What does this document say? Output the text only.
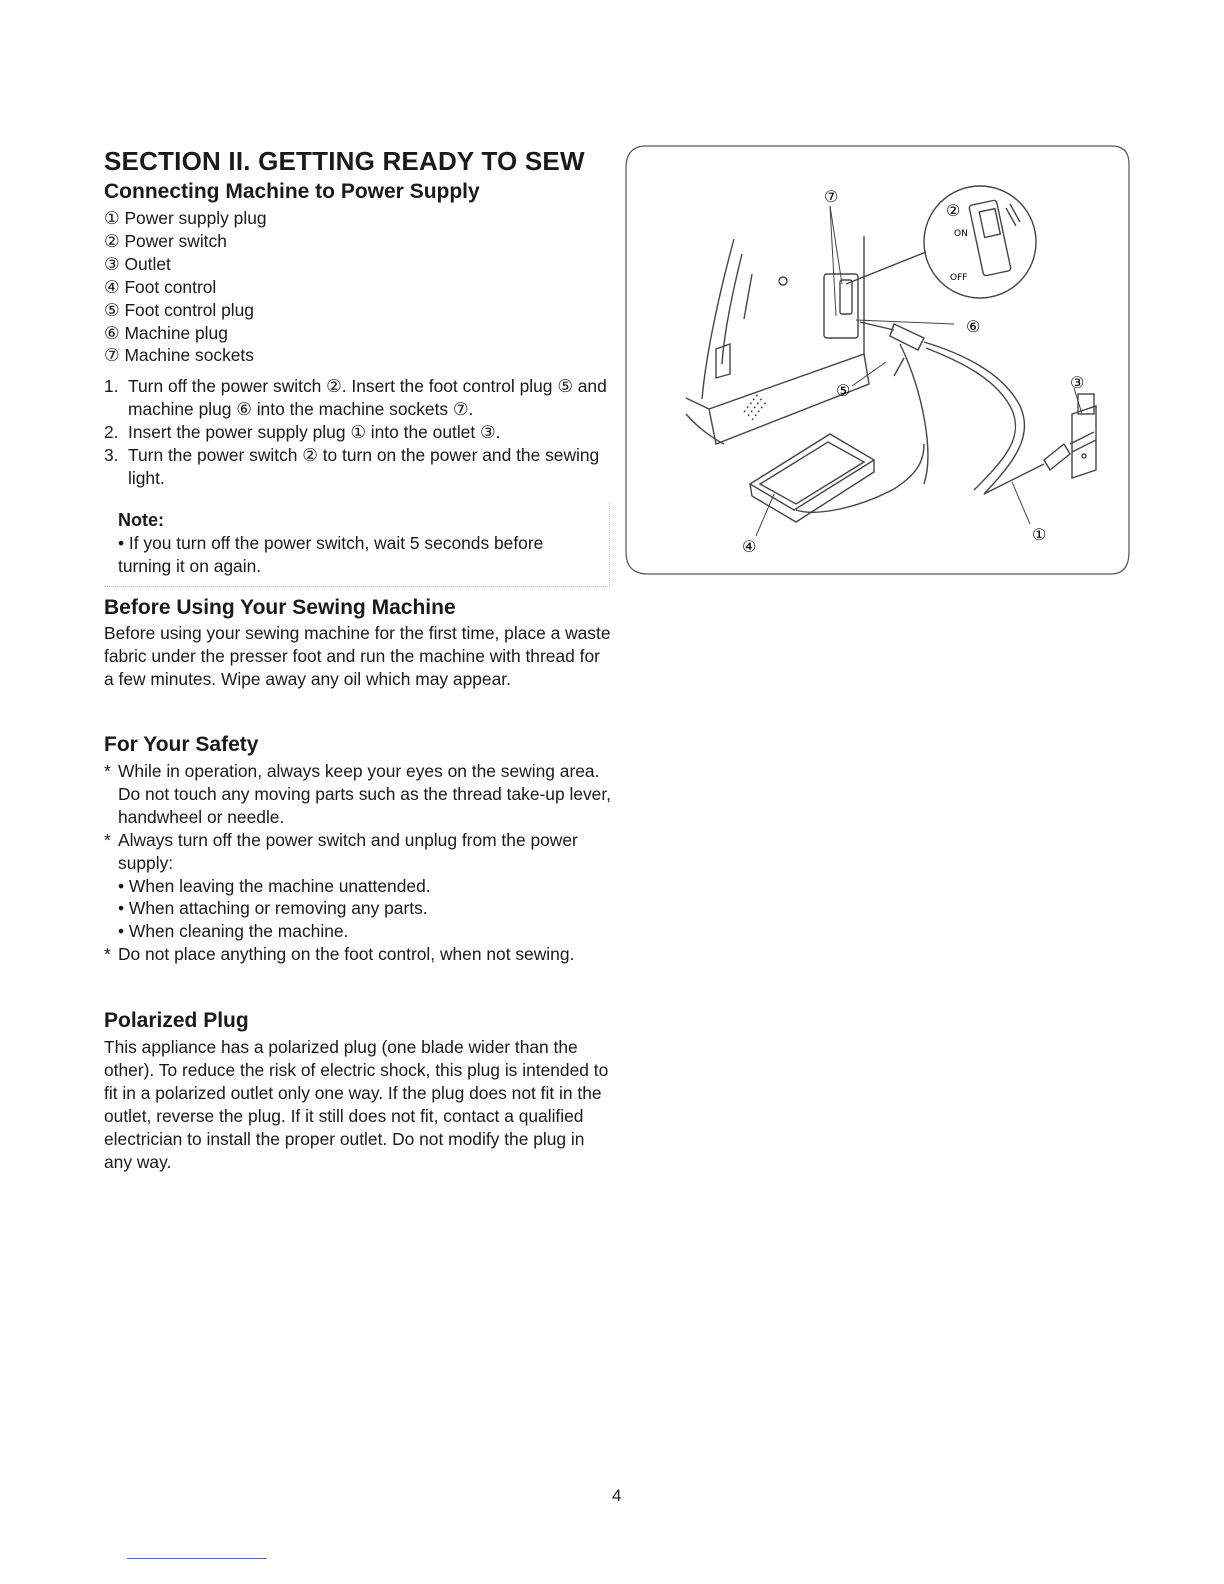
SECTION II. GETTING READY TO SEW
Connecting Machine to Power Supply
① Power supply plug
② Power switch
③ Outlet
④ Foot control
⑤ Foot control plug
⑥ Machine plug
⑦ Machine sockets
1. Turn off the power switch ②. Insert the foot control plug ⑤ and machine plug ⑥ into the machine sockets ⑦.
2. Insert the power supply plug ① into the outlet ③.
3. Turn the power switch ② to turn on the power and the sewing light.
Note:
• If you turn off the power switch, wait 5 seconds before turning it on again.
⑦
②
⑥
③
⑤
④
①
ON
OFF
Before Using Your Sewing Machine

Before using your sewing machine for the first time, place a waste fabric under the presser foot and run the machine with thread for a few minutes. Wipe away any oil which may appear.

For Your Safety
* While in operation, always keep your eyes on the sewing area. Do not touch any moving parts such as the thread take-up lever, handwheel or needle.
* Always turn off the power switch and unplug from the power supply:
• When leaving the machine unattended.
• When attaching or removing any parts.
• When cleaning the machine.
* Do not place anything on the foot control, when not sewing.
Polarized Plug

This appliance has a polarized plug (one blade wider than the other). To reduce the risk of electric shock, this plug is intended to fit in a polarized outlet only one way. If the plug does not fit in the outlet, reverse the plug. If it still does not fit, contact a qualified electrician to install the proper outlet. Do not modify the plug in any way.

4
